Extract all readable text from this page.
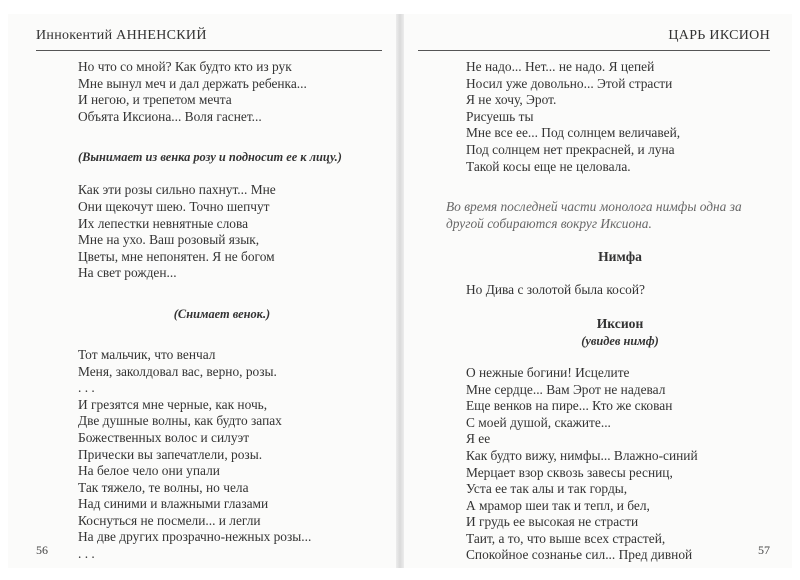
Иннокентий АННЕНСКИЙ
Но что со мной? Как будто кто из рук
Мне вынул меч и дал держать ребенка...
И негою, и трепетом мечта
Объята Иксиона... Воля гаснет...
(Вынимает из венка розу и подносит ее к лицу.)
Как эти розы сильно пахнут... Мне
Они щекочут шею. Точно шепчут
Их лепестки невнятные слова
Мне на ухо. Ваш розовый язык,
Цветы, мне непонятен. Я не богом
На свет рожден...
(Снимает венок.)
Тот мальчик, что венчал
Меня, заколдовал вас, верно, розы.
. . .
И грезятся мне черные, как ночь,
Две душные волны, как будто запах
Божественных волос и силуэт
Прически вы запечатлели, розы.
На белое чело они упали
Так тяжело, те волны, но чела
Над синими и влажными глазами
Коснуться не посмели... и легли
На две других прозрачно-нежных розы...
. . .
56
ЦАРЬ ИКСИОН
Не надо... Нет... не надо. Я цепей
Носил уже довольно... Этой страсти
Я не хочу, Эрот.
Рисуешь ты
Мне все ее... Под солнцем величавей,
Под солнцем нет прекрасней, и луна
Такой косы еще не целовала.
Во время последней части монолога нимфы одна за
другой собираются вокруг Иксиона.
Нимфа
Но Дива с золотой была косой?
Иксион
(увидев нимф)
О нежные богини! Исцелите
Мне сердце... Вам Эрот не надевал
Еще венков на пире... Кто же скован
С моей душой, скажите...
Я ее
Как будто вижу, нимфы... Влажно-синий
Мерцает взор сквозь завесы ресниц,
Уста ее так алы и так горды,
А мрамор шеи так и тепл, и бел,
И грудь ее высокая не страсти
Таит, а то, что выше всех страстей,
Спокойное сознанье сил... Пред дивной	57
